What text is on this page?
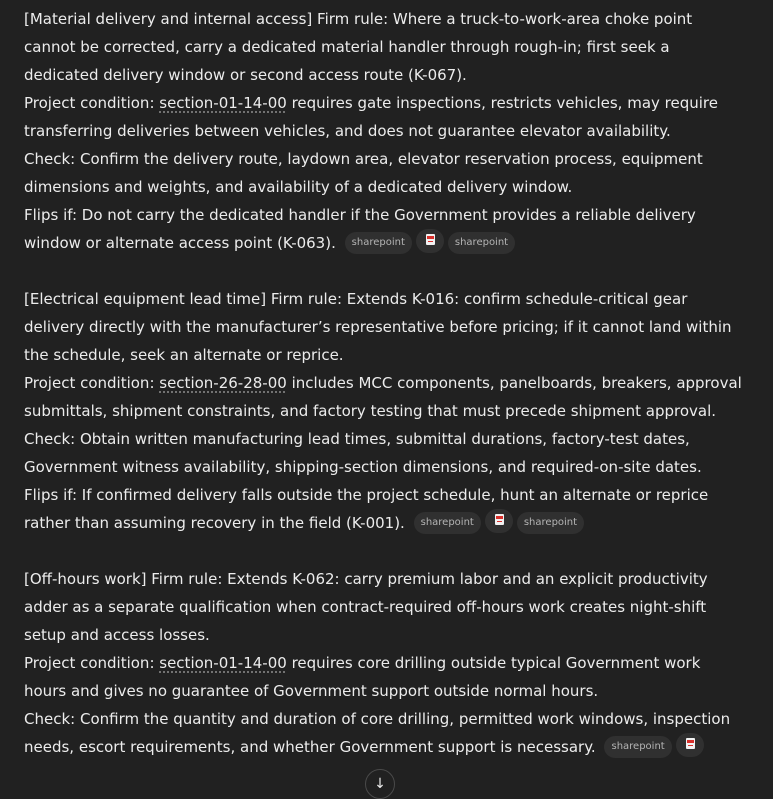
[Material delivery and internal access] Firm rule: Where a truck-to-work-area choke point cannot be corrected, carry a dedicated material handler through rough-in; first seek a dedicated delivery window or second access route (K-067).
Project condition: section-01-14-00 requires gate inspections, restricts vehicles, may require transferring deliveries between vehicles, and does not guarantee elevator availability.
Check: Confirm the delivery route, laydown area, elevator reservation process, equipment dimensions and weights, and availability of a dedicated delivery window.
Flips if: Do not carry the dedicated handler if the Government provides a reliable delivery window or alternate access point (K-063). sharepoint	sharepoint
[Electrical equipment lead time] Firm rule: Extends K-016: confirm schedule-critical gear delivery directly with the manufacturer’s representative before pricing; if it cannot land within the schedule, seek an alternate or reprice.
Project condition: section-26-28-00 includes MCC components, panelboards, breakers, approval submittals, shipment constraints, and factory testing that must precede shipment approval.
Check: Obtain written manufacturing lead times, submittal durations, factory-test dates, Government witness availability, shipping-section dimensions, and required-on-site dates.
Flips if: If confirmed delivery falls outside the project schedule, hunt an alternate or reprice rather than assuming recovery in the field (K-001). sharepoint	sharepoint
[Off-hours work] Firm rule: Extends K-062: carry premium labor and an explicit productivity adder as a separate qualification when contract-required off-hours work creates night-shift setup and access losses.
Project condition: section-01-14-00 requires core drilling outside typical Government work hours and gives no guarantee of Government support outside normal hours.
Check: Confirm the quantity and duration of core drilling, permitted work windows, inspection needs, escort requirements, and whether Government support is necessary. sharepoint
↓
